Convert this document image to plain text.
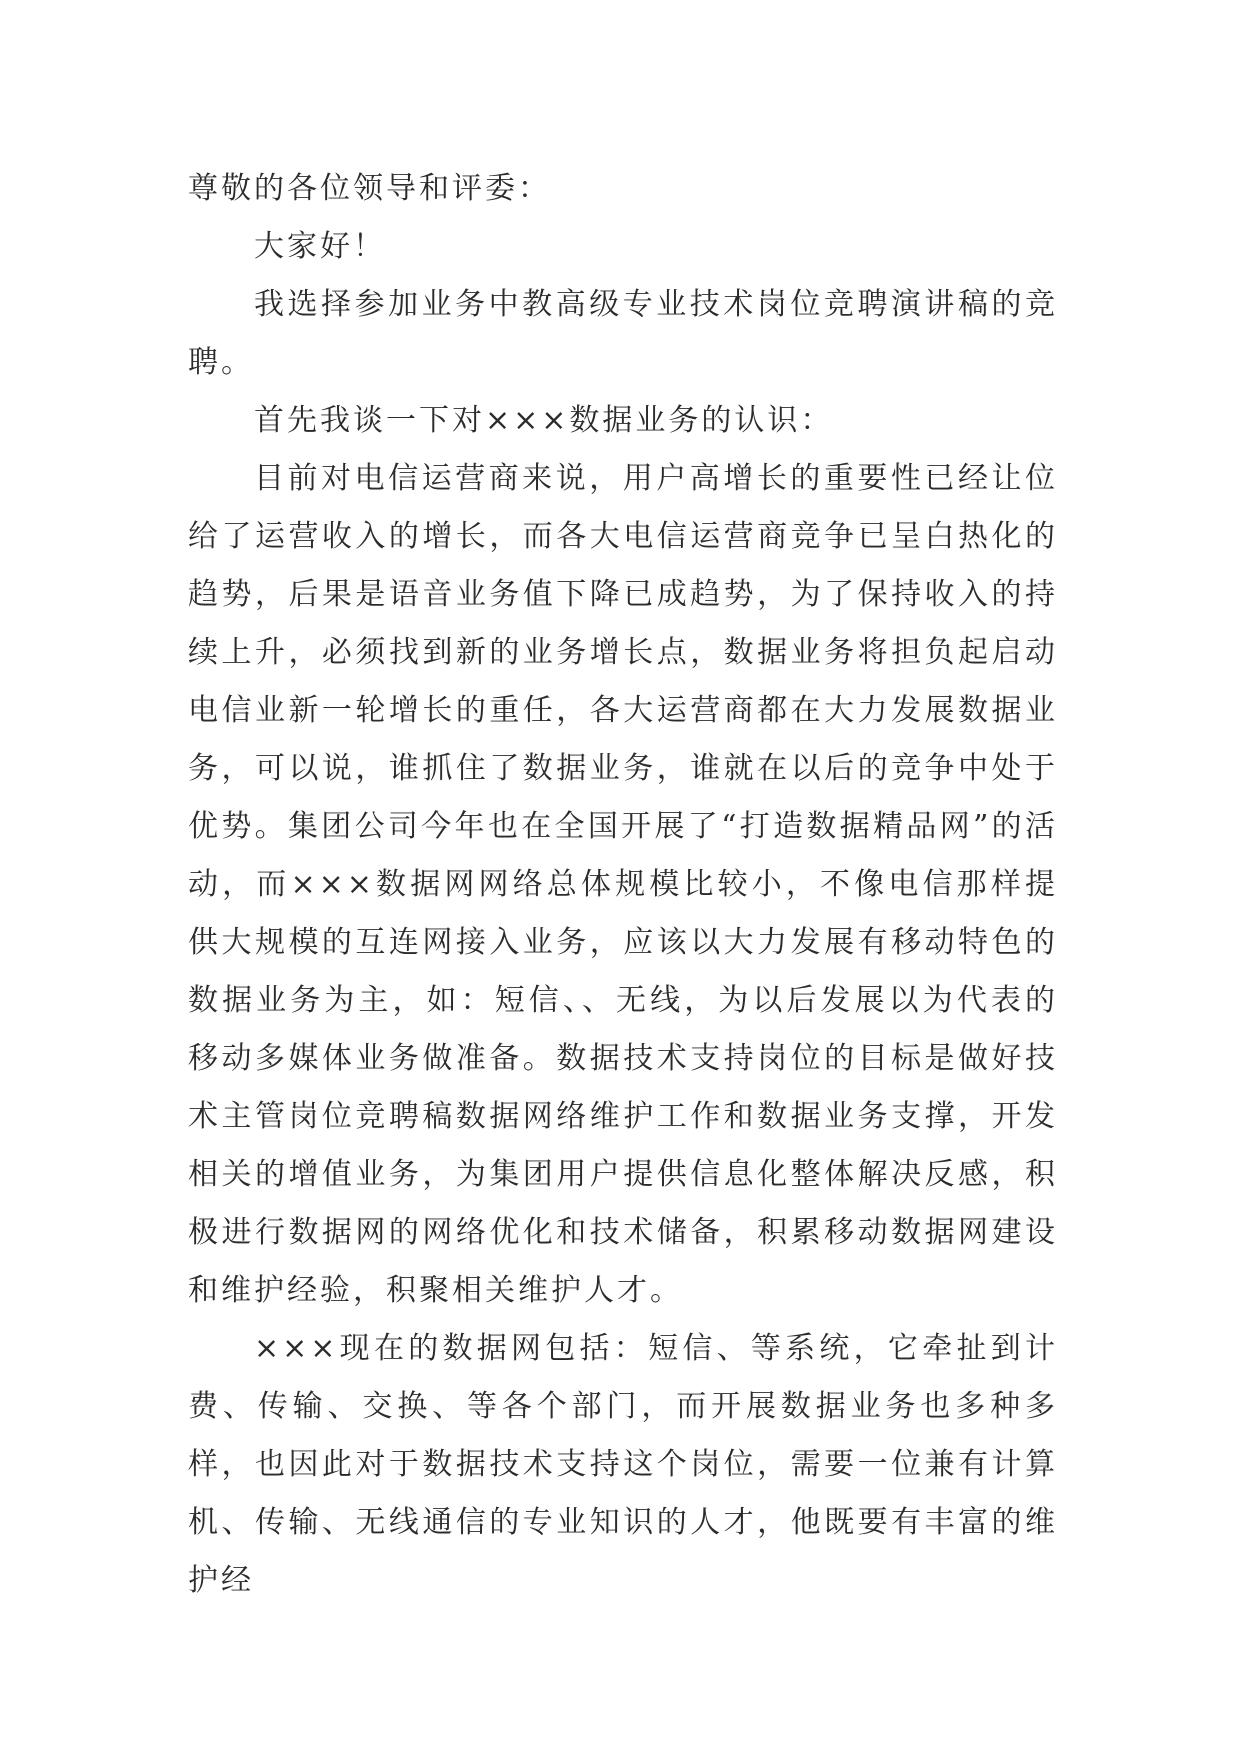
尊敬的各位领导和评委：

大家好！

我选择参加业务中教高级专业技术岗位竞聘演讲稿的竞聘。

首先我谈一下对×××数据业务的认识：

目前对电信运营商来说，用户高增长的重要性已经让位给了运营收入的增长，而各大电信运营商竞争已呈白热化的趋势，后果是语音业务值下降已成趋势，为了保持收入的持续上升，必须找到新的业务增长点，数据业务将担负起启动电信业新一轮增长的重任，各大运营商都在大力发展数据业务，可以说，谁抓住了数据业务，谁就在以后的竞争中处于优势。集团公司今年也在全国开展了“打造数据精品网”的活动，而×××数据网网络总体规模比较小，不像电信那样提供大规模的互连网接入业务，应该以大力发展有移动特色的数据业务为主，如：短信、、无线，为以后发展以为代表的移动多媒体业务做准备。数据技术支持岗位的目标是做好技术主管岗位竞聘稿数据网络维护工作和数据业务支撑，开发相关的增值业务，为集团用户提供信息化整体解决反感，积极进行数据网的网络优化和技术储备，积累移动数据网建设和维护经验，积聚相关维护人才。

×××现在的数据网包括：短信、等系统，它牵扯到计费、传输、交换、等各个部门，而开展数据业务也多种多样，也因此对于数据技术支持这个岗位，需要一位兼有计算机、传输、无线通信的专业知识的人才，他既要有丰富的维护经
